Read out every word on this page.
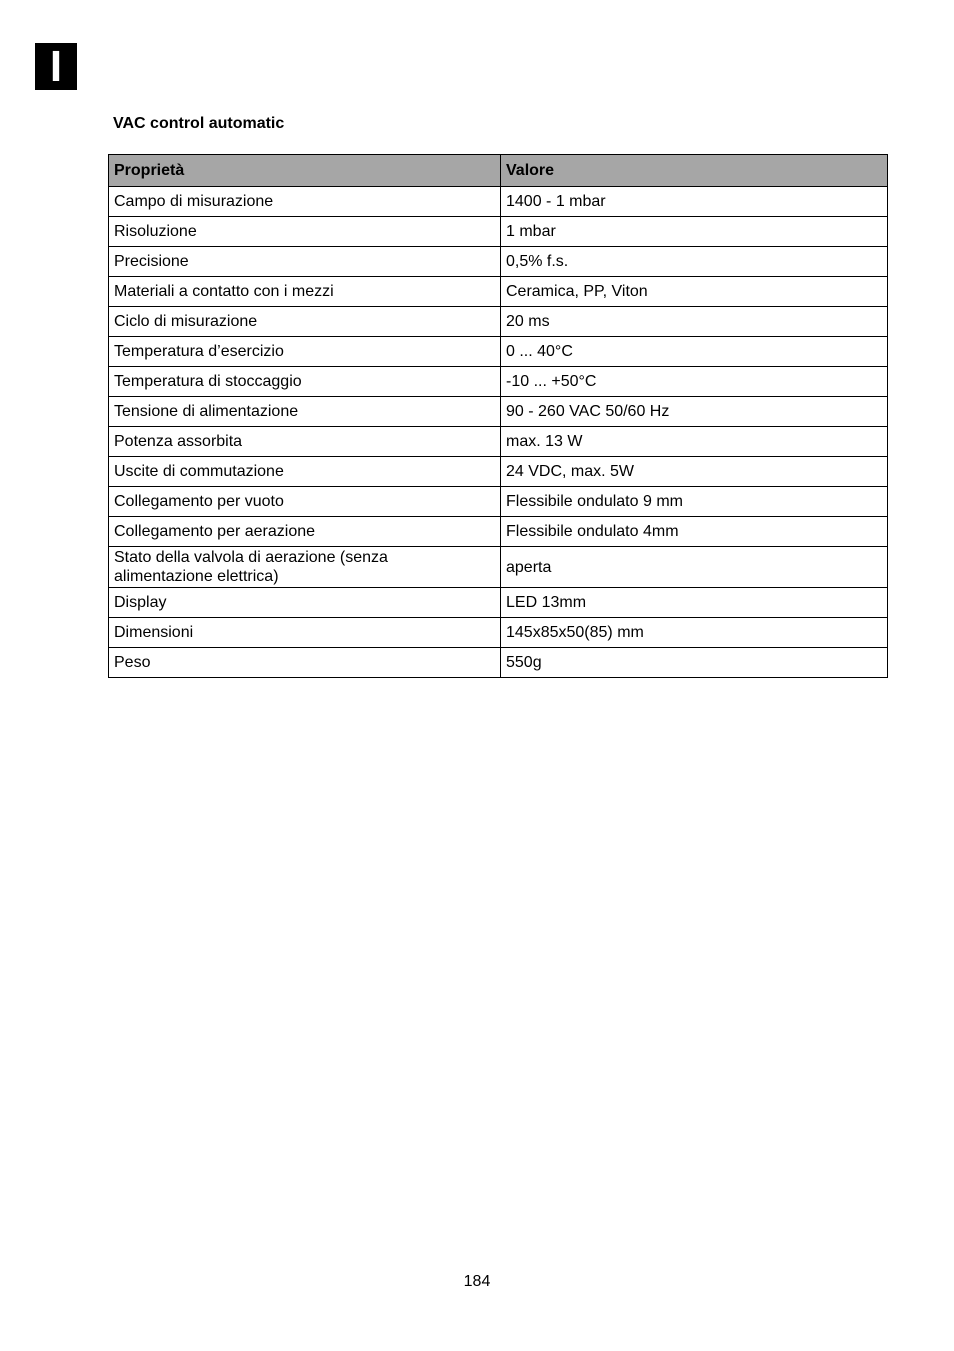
I
VAC control automatic
Proprietà	Valore
Campo di misurazione	1400 - 1 mbar
Risoluzione	1 mbar
Precisione	0,5% f.s.
Materiali a contatto con i mezzi	Ceramica, PP, Viton
Ciclo di misurazione	20 ms
Temperatura d’esercizio	0 ... 40°C
Temperatura di stoccaggio	-10 ... +50°C
Tensione di alimentazione	90 - 260 VAC 50/60 Hz
Potenza assorbita	max. 13 W
Uscite di commutazione	24 VDC, max. 5W
Collegamento per vuoto	Flessibile ondulato 9 mm
Collegamento per aerazione	Flessibile ondulato 4mm
Stato della valvola di aerazione (senza
alimentazione elettrica)	aperta
Display	LED 13mm
Dimensioni	145x85x50(85) mm
Peso	550g
184
